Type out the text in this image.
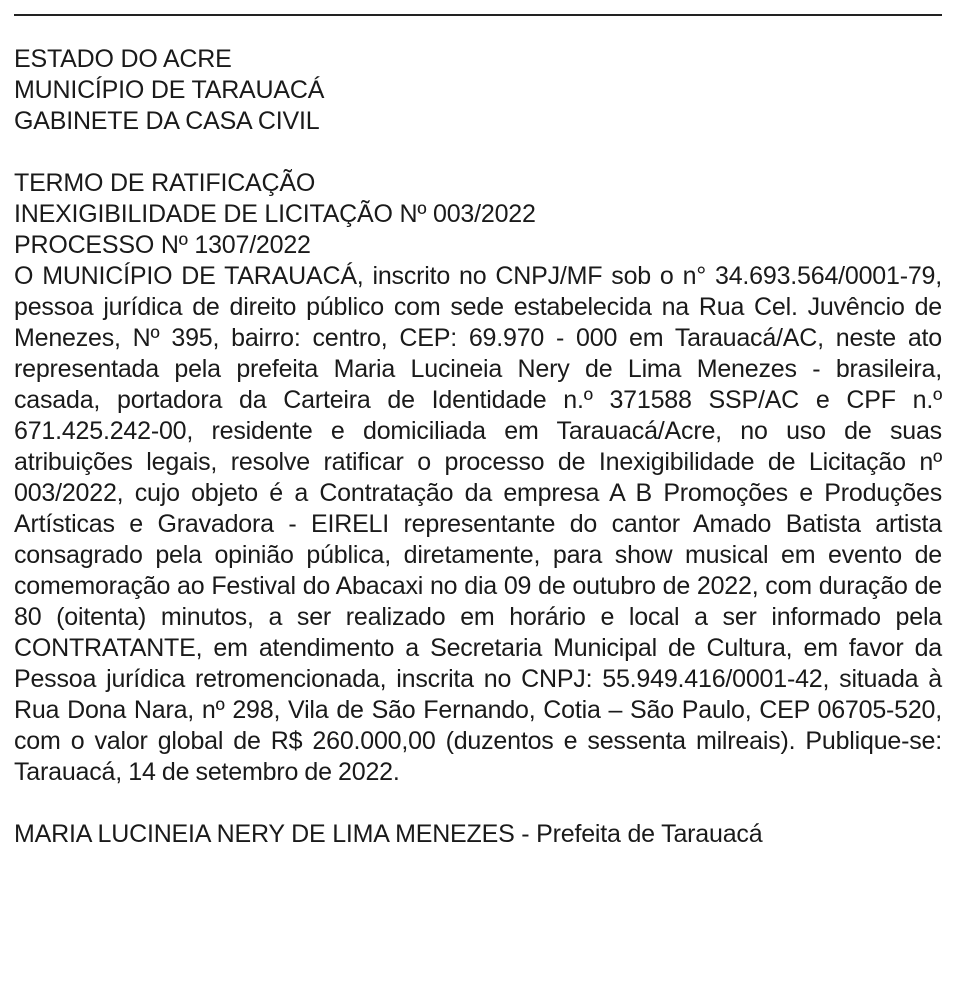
ESTADO DO ACRE
MUNICÍPIO DE TARAUACÁ
GABINETE DA CASA CIVIL
TERMO DE RATIFICAÇÃO
INEXIGIBILIDADE DE LICITAÇÃO Nº 003/2022
PROCESSO Nº 1307/2022
O MUNICÍPIO DE TARAUACÁ, inscrito no CNPJ/MF sob o n° 34.693.564/0001-79, pessoa jurídica de direito público com sede estabelecida na Rua Cel. Juvêncio de Menezes, Nº 395, bairro: centro, CEP: 69.970 - 000 em Tarauacá/AC, neste ato representada pela prefeita Maria Lucineia Nery de Lima Menezes - brasileira, casada, portadora da Carteira de Identidade n.º 371588 SSP/AC e CPF n.º 671.425.242-00, residente e domiciliada em Tarauacá/Acre, no uso de suas atribuições legais, resolve ratificar o processo de Inexigibilidade de Licitação nº 003/2022, cujo objeto é a Contratação da empresa A B Promoções e Produções Artísticas e Gravadora - EIRELI representante do cantor Amado Batista artista consagrado pela opinião pública, diretamente, para show musical em evento de comemoração ao Festival do Abacaxi no dia 09 de outubro de 2022, com duração de 80 (oitenta) minutos, a ser realizado em horário e local a ser informado pela CONTRATANTE, em atendimento a Secretaria Municipal de Cultura, em favor da Pessoa jurídica retromencionada, inscrita no CNPJ: 55.949.416/0001-42, situada à Rua Dona Nara, nº 298, Vila de São Fernando, Cotia – São Paulo, CEP 06705-520, com o valor global de R$ 260.000,00 (duzentos e sessenta milreais). Publique-se: Tarauacá, 14 de setembro de 2022.
MARIA LUCINEIA NERY DE LIMA MENEZES - Prefeita de Tarauacá
